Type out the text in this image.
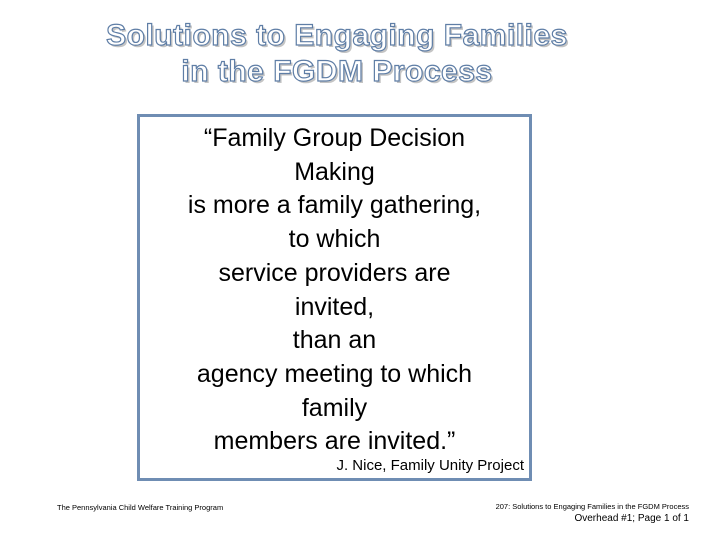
Solutions to Engaging Families
in the FGDM Process
“Family Group Decision
Making
is more a family gathering,
to which
service providers are
invited,
than an
agency meeting to which
family
members are invited.”
J. Nice, Family Unity Project
The Pennsylvania Child Welfare Training Program	207: Solutions to Engaging Families in the FGDM Process
Overhead #1; Page 1 of 1
